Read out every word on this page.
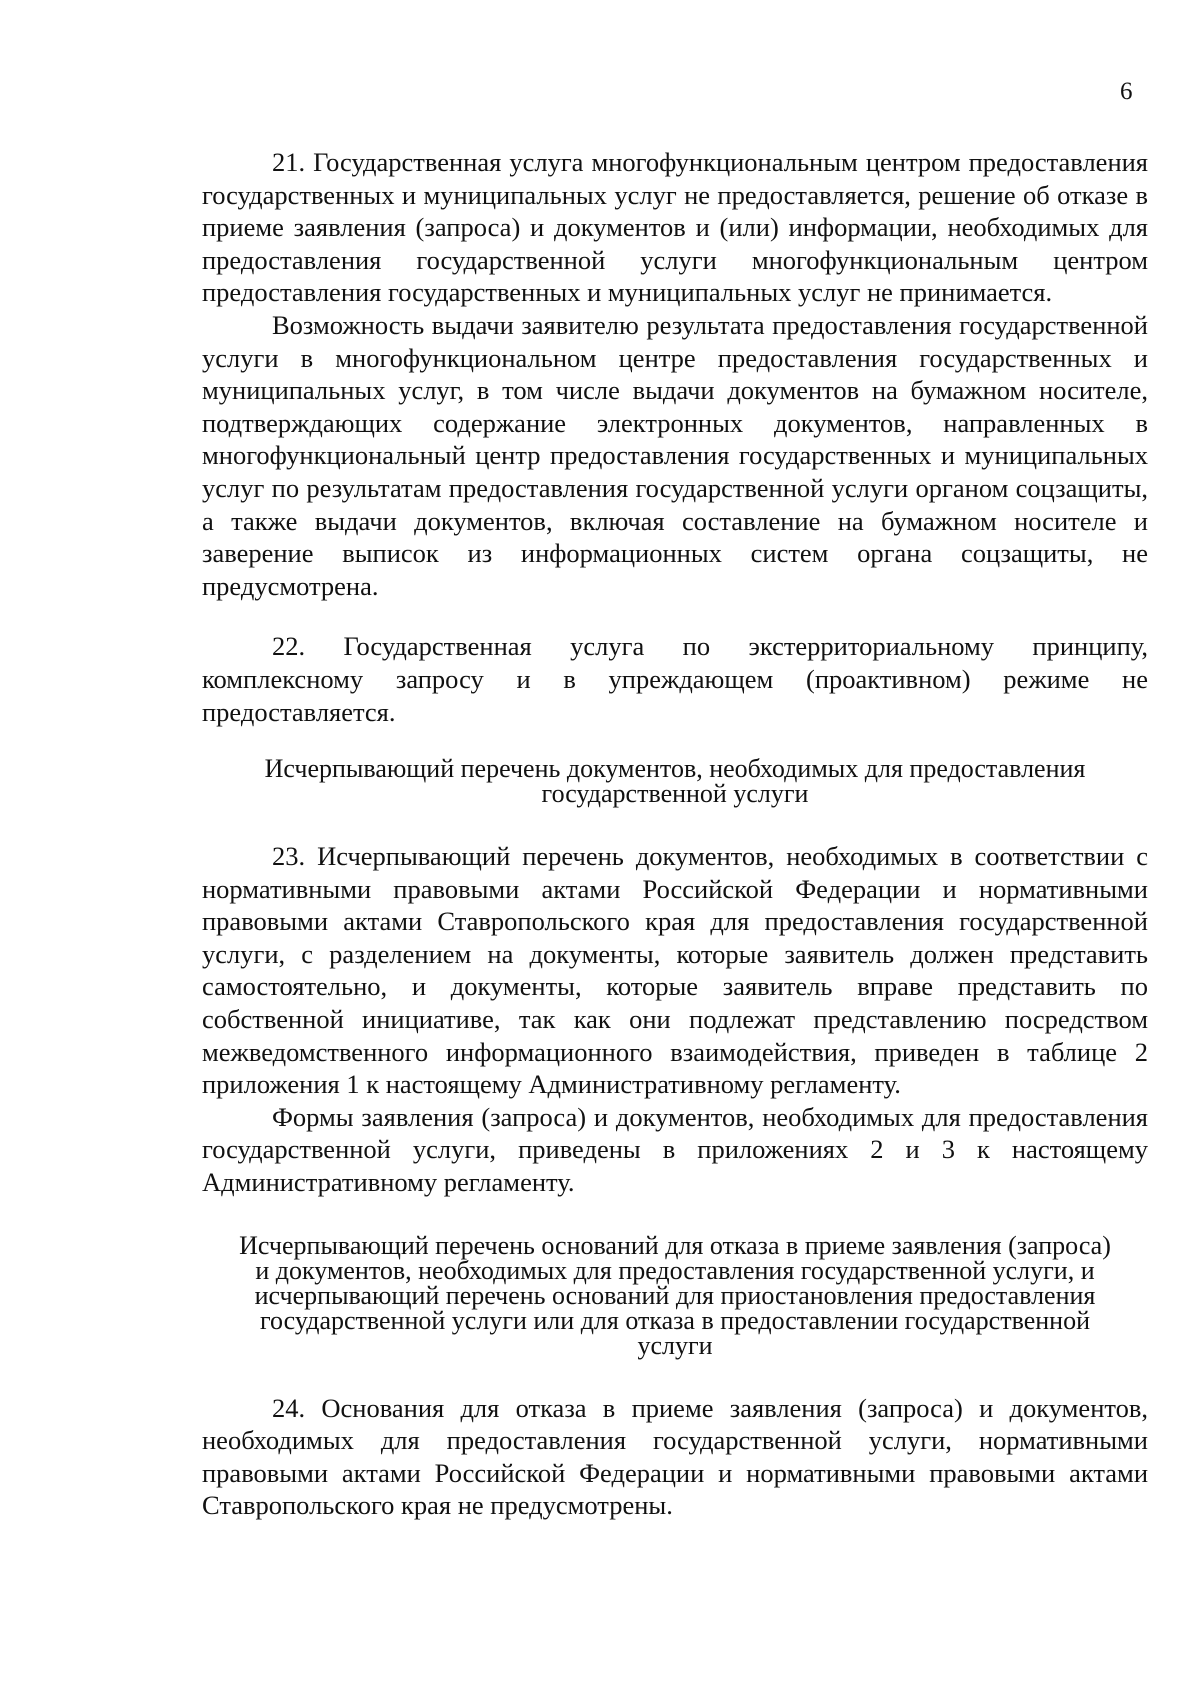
6

21. Государственная услуга многофункциональным центром предоставления государственных и муниципальных услуг не предоставляется, решение об отказе в приеме заявления (запроса) и документов и (или) информации, необходимых для предоставления государственной услуги многофункциональным центром предоставления государственных и муниципальных услуг не принимается.

Возможность выдачи заявителю результата предоставления государственной услуги в многофункциональном центре предоставления государственных и муниципальных услуг, в том числе выдачи документов на бумажном носителе, подтверждающих содержание электронных документов, направленных в многофункциональный центр предоставления государственных и муниципальных услуг по результатам предоставления государственной услуги органом соцзащиты, а также выдачи документов, включая составление на бумажном носителе и заверение выписок из информационных систем органа соцзащиты, не предусмотрена.

22. Государственная услуга по экстерриториальному принципу, комплексному запросу и в упреждающем (проактивном) режиме не предоставляется.

Исчерпывающий перечень документов, необходимых для предоставления государственной услуги

23. Исчерпывающий перечень документов, необходимых в соответствии с нормативными правовыми актами Российской Федерации и нормативными правовыми актами Ставропольского края для предоставления государственной услуги, с разделением на документы, которые заявитель должен представить самостоятельно, и документы, которые заявитель вправе представить по собственной инициативе, так как они подлежат представлению посредством межведомственного информационного взаимодействия, приведен в таблице 2 приложения 1 к настоящему Административному регламенту.

Формы заявления (запроса) и документов, необходимых для предоставления государственной услуги, приведены в приложениях 2 и 3 к настоящему Административному регламенту.

Исчерпывающий перечень оснований для отказа в приеме заявления (запроса) и документов, необходимых для предоставления государственной услуги, и исчерпывающий перечень оснований для приостановления предоставления государственной услуги или для отказа в предоставлении государственной услуги

24. Основания для отказа в приеме заявления (запроса) и документов, необходимых для предоставления государственной услуги, нормативными правовыми актами Российской Федерации и нормативными правовыми актами Ставропольского края не предусмотрены.
